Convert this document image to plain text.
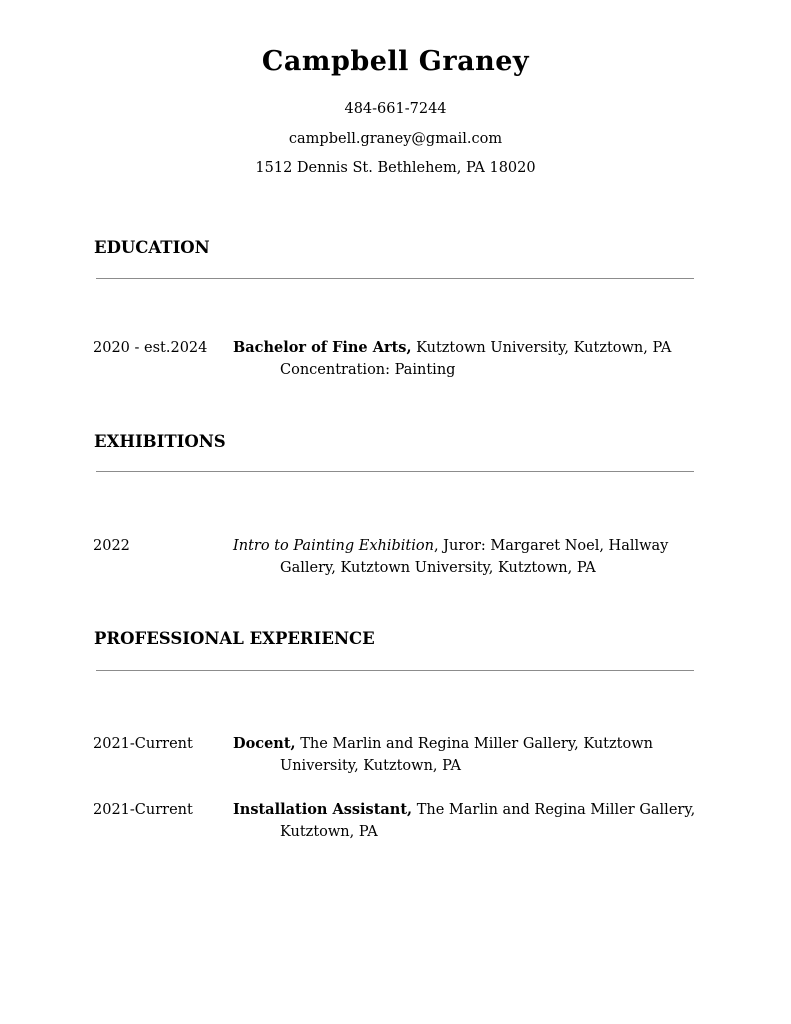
Campbell Graney

484-661-7244

campbell.graney@gmail.com

1512 Dennis St. Bethlehem, PA 18020

EDUCATION
2020 - est.2024 Bachelor of Fine Arts, Kutztown University, Kutztown, PA
Concentration: Painting
EXHIBITIONS
2022	Intro to Painting Exhibition, Juror: Margaret Noel, Hallway
Gallery, Kutztown University, Kutztown, PA
PROFESSIONAL EXPERIENCE
2021-Current	Docent, The Marlin and Regina Miller Gallery, Kutztown
University, Kutztown, PA
2021-Current	Installation Assistant, The Marlin and Regina Miller Gallery,
Kutztown, PA
